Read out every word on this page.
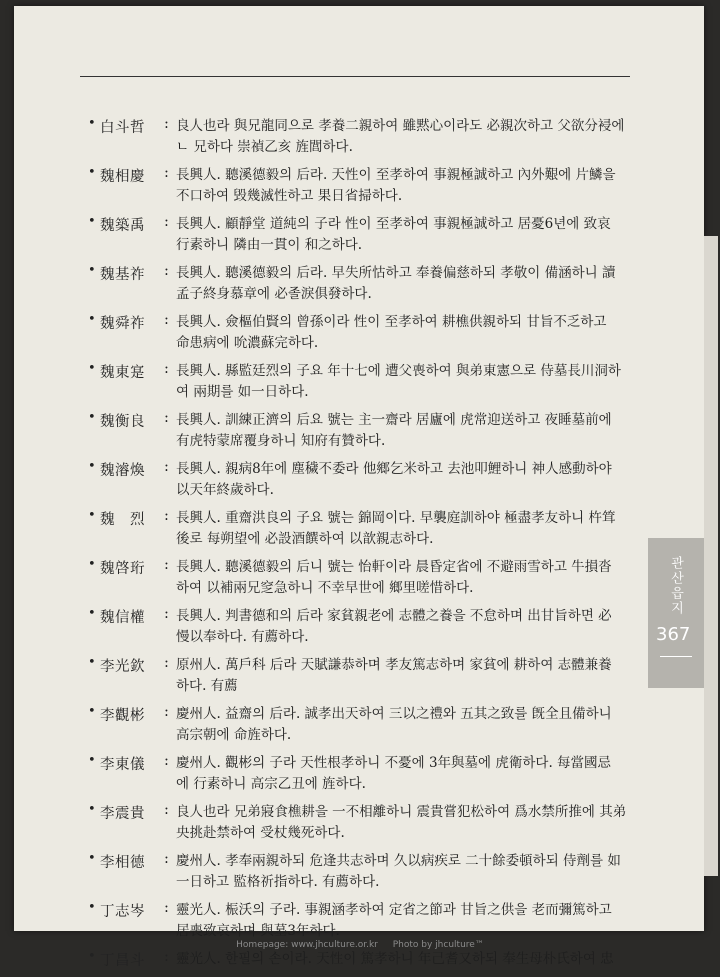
• 白斗哲	: 良人也라 與兄龍同으로 孝養二親하여 雖黙心이라도 必親次하고 父欲分䘲에
ㄴ 兄하다 崇禎乙亥 旌閭하다.
• 魏相慶	: 長興人. 聽溪德毅의 后라. 天性이 至孝하여 事親極誠하고 內外艱에 片鱗을
不口하여 毁幾滅性하고 果日省掃하다.
• 魏築禹	: 長興人. 顧靜堂 道純의 子라 性이 至孝하여 事親極誠하고 居憂6년에 致哀
行素하니 隣由一貫이 和之하다.
• 魏基祚	: 長興人. 聽溪德毅의 后라. 早失所怙하고 奉養偏慈하되 孝敬이 備涵하니 讀
孟子終身慕章에 必졸淚俱發하다.
• 魏舜祚	: 長興人. 僉樞伯賢의 曾孫이라 性이 至孝하여 耕樵供親하되 甘旨不乏하고
命患病에 吮濃蘇完하다.
• 魏東寔	: 長興人. 縣監廷烈의 子요 年十七에 遭父喪하여 與弟東憲으로 侍墓長川洞하
여 兩期를 如一日하다.
• 魏衡良	: 長興人. 訓練正濟의 后요 號는 主一齋라 居廬에 虎常迎送하고 夜睡墓前에
有虎特蒙席覆身하니 知府有贊하다.
• 魏濬煥	: 長興人. 親病8年에 塵穢不委라 他鄉乞米하고 去池叩鯉하니 神人感動하야
以天年終歲하다.
• 魏　烈	: 長興人. 重齋洪良의 子요 號는 錦岡이다. 早襲庭訓하야 極盡孝友하니 杵䇯
後로 每朔望에 必設酒饌하여 以歆親志하다.
• 魏啓珩	: 長興人. 聽溪德毅의 后니 號는 怡軒이라 晨昏定省에 不避雨雪하고 牛損沓
하여 以補兩兄窆急하니 不幸早世에 鄉里嗟惜하다.
• 魏信權	: 長興人. 判書德和의 后라 家貧親老에 志體之養을 不怠하며 出甘旨하면 必
慢以奉하다. 有薦하다.
• 李光欽	: 原州人. 萬戶科 后라 天賦謙恭하며 孝友篤志하며 家貧에 耕하여 志體兼養
하다. 有薦
• 李觀彬	: 慶州人. 益齋의 后라. 誠孝出天하여 三以之禮와 五其之致를 旣全且備하니
高宗朝에 命旌하다.
• 李東儀	: 慶州人. 觀彬의 子라 天性根孝하니 不憂에 3年與墓에 虎衛하다. 每當國忌
에 行素하니 高宗乙丑에 旌하다.
• 李震貴	: 良人也라 兄弟寢食樵耕을 一不相離하니 震貴嘗犯松하여 爲水禁所推에 其弟
央挑赴禁하여 受杖幾死하다.
• 李相德	: 慶州人. 孝奉兩親하되 危逢共志하며 久以病疾로 二十餘委頓하되 侍劑를 如
一日하고 監格祈指하다. 有薦하다.
• 丁志岑	: 靈光人. 桭沃의 子라. 事親涵孝하여 定省之節과 甘旨之供을 老而彌篤하고
居喪致哀하며 與墓3年하다.
• 丁昌斗	: 靈光人. 한필의 손이라. 天性이 篤孝하니 年己耆又하되 奉生母朴氏하여 忠
관산읍지
367
Homepage: www.jhculture.or.kr Photo by jhculture™
